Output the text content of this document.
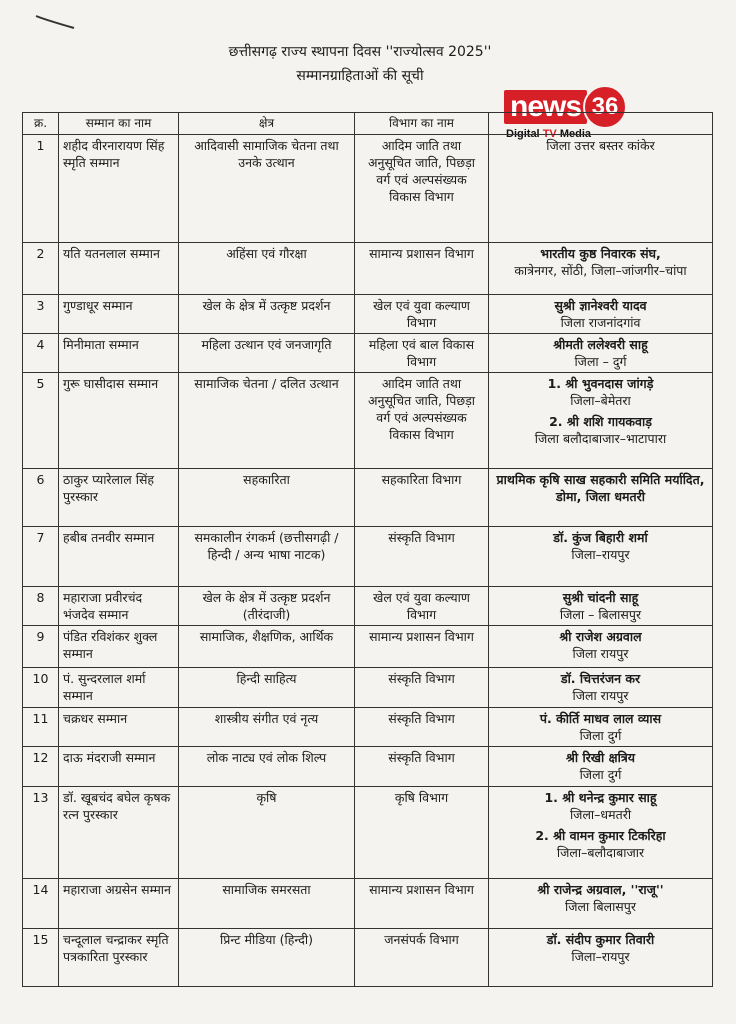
छत्तीसगढ़ राज्य स्थापना दिवस ''राज्योत्सव 2025''
सम्मानग्राहिताओं की सूची
news 36
Digital TV Media
क्र.	सम्मान का नाम	क्षेत्र	विभाग का नाम	
1	शहीद वीरनारायण सिंह स्मृति सम्मान	आदिवासी सामाजिक चेतना तथा उनके उत्थान	आदिम जाति तथा अनुसूचित जाति, पिछड़ा वर्ग एवं अल्पसंख्यक विकास विभाग	जिला उत्तर बस्तर कांकेर

2	यति यतनलाल सम्मान	अहिंसा एवं गौरक्षा	सामान्य प्रशासन विभाग	भारतीय कुष्ठ निवारक संघ,
कात्रेनगर, सोंठी, जिला–जांजगीर–चांपा

3	गुण्डाधूर सम्मान	खेल के क्षेत्र में उत्कृष्ट प्रदर्शन	खेल एवं युवा कल्याण विभाग	सुश्री ज्ञानेश्वरी यादव
जिला राजनांदगांव

4	मिनीमाता सम्मान	महिला उत्थान एवं जनजागृति	महिला एवं बाल विकास विभाग	श्रीमती ललेश्वरी साहू
जिला – दुर्ग

5	गुरू घासीदास सम्मान	सामाजिक चेतना / दलित उत्थान	आदिम जाति तथा अनुसूचित जाति, पिछड़ा वर्ग एवं अल्पसंख्यक विकास विभाग	1. श्री भुवनदास जांगड़े
जिला–बेमेतरा
2. श्री शशि गायकवाड़
जिला बलौदाबाजार–भाटापारा

6	ठाकुर प्यारेलाल सिंह पुरस्कार	सहकारिता	सहकारिता विभाग	प्राथमिक कृषि साख सहकारी समिति मर्यादित, डोमा, जिला धमतरी

7	हबीब तनवीर सम्मान	समकालीन रंगकर्म (छत्तीसगढ़ी / हिन्दी / अन्य भाषा नाटक)	संस्कृति विभाग	डॉ. कुंज बिहारी शर्मा
जिला–रायपुर

8	महाराजा प्रवीरचंद भंजदेव सम्मान	खेल के क्षेत्र में उत्कृष्ट प्रदर्शन (तीरंदाजी)	खेल एवं युवा कल्याण विभाग	सुश्री चांदनी साहू
जिला – बिलासपुर

9	पंडित रविशंकर शुक्ल सम्मान	सामाजिक, शैक्षणिक, आर्थिक	सामान्य प्रशासन विभाग	श्री राजेश अग्रवाल
जिला रायपुर

10	पं. सुन्दरलाल शर्मा सम्मान	हिन्दी साहित्य	संस्कृति विभाग	डॉ. चित्तरंजन कर
जिला रायपुर

11	चक्रधर सम्मान	शास्त्रीय संगीत एवं नृत्य	संस्कृति विभाग	पं. कीर्ति माधव लाल व्यास
जिला दुर्ग

12	दाऊ मंदराजी सम्मान	लोक नाट्य एवं लोक शिल्प	संस्कृति विभाग	श्री रिखी क्षत्रिय
जिला दुर्ग

13	डॉ. खूबचंद बघेल कृषक रत्न पुरस्कार	कृषि	कृषि विभाग	1. श्री थनेन्द्र कुमार साहू
जिला–धमतरी
2. श्री वामन कुमार टिकरिहा
जिला–बलौदाबाजार

14	महाराजा अग्रसेन सम्मान	सामाजिक समरसता	सामान्य प्रशासन विभाग	श्री राजेन्द्र अग्रवाल, ''राजू''
जिला बिलासपुर

15	चन्दूलाल चन्द्राकर स्मृति पत्रकारिता पुरस्कार	प्रिन्ट मीडिया (हिन्दी)	जनसंपर्क विभाग	डॉ. संदीप कुमार तिवारी
जिला–रायपुर
